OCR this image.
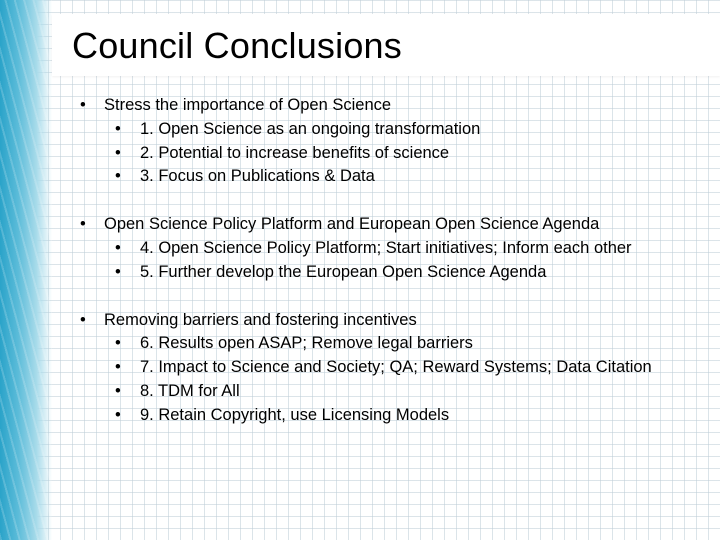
Council Conclusions
• Stress the importance of Open Science
• 1. Open Science as an ongoing transformation
• 2. Potential to increase benefits of science
• 3. Focus on Publications & Data
• Open Science Policy Platform and European Open Science Agenda
• 4. Open Science Policy Platform; Start initiatives; Inform each other
• 5. Further develop the European Open Science Agenda
• Removing barriers and fostering incentives
• 6. Results open ASAP; Remove legal barriers
• 7. Impact to Science and Society; QA; Reward Systems; Data Citation
• 8. TDM for All
• 9. Retain Copyright, use Licensing Models
